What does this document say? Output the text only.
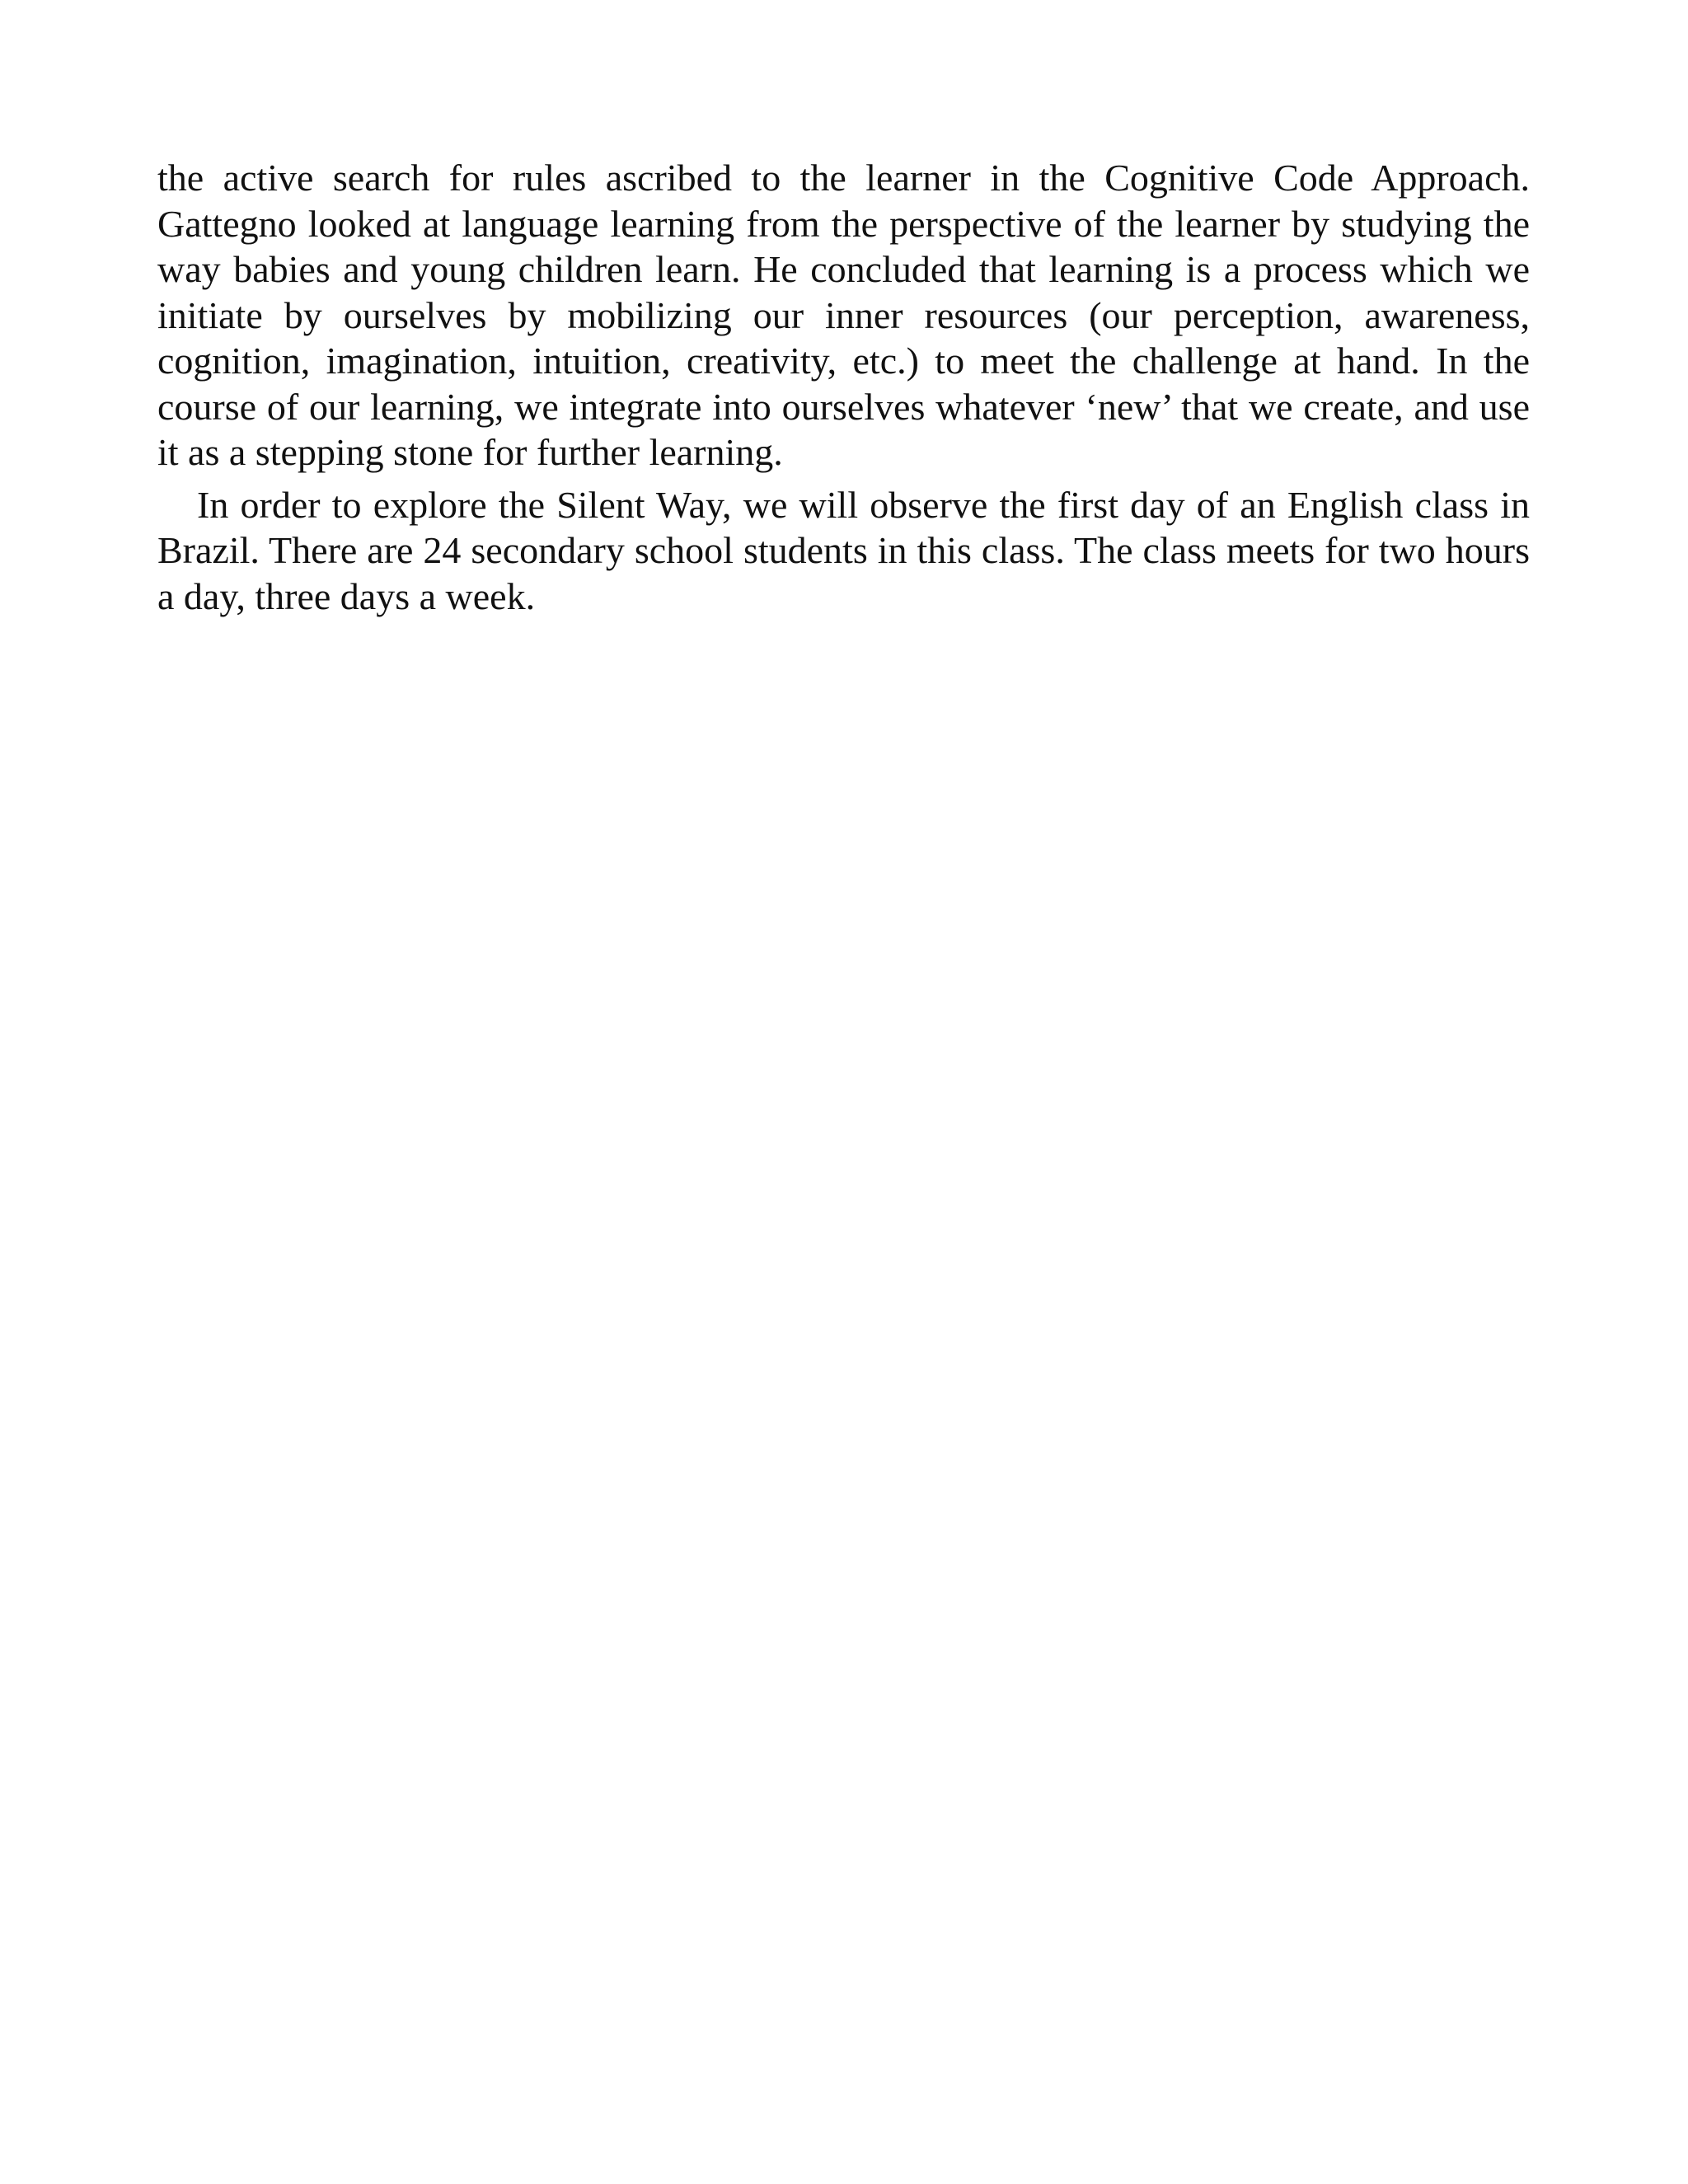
the active search for rules ascribed to the learner in the Cognitive Code Approach. Gattegno looked at language learning from the perspective of the learner by studying the way babies and young children learn. He concluded that learning is a process which we initiate by ourselves by mobilizing our inner resources (our perception, awareness, cognition, imagination, intuition, creativity, etc.) to meet the challenge at hand. In the course of our learning, we integrate into ourselves whatever ‘new’ that we create, and use it as a stepping stone for further learning.

In order to explore the Silent Way, we will observe the first day of an English class in Brazil. There are 24 secondary school students in this class. The class meets for two hours a day, three days a week.
